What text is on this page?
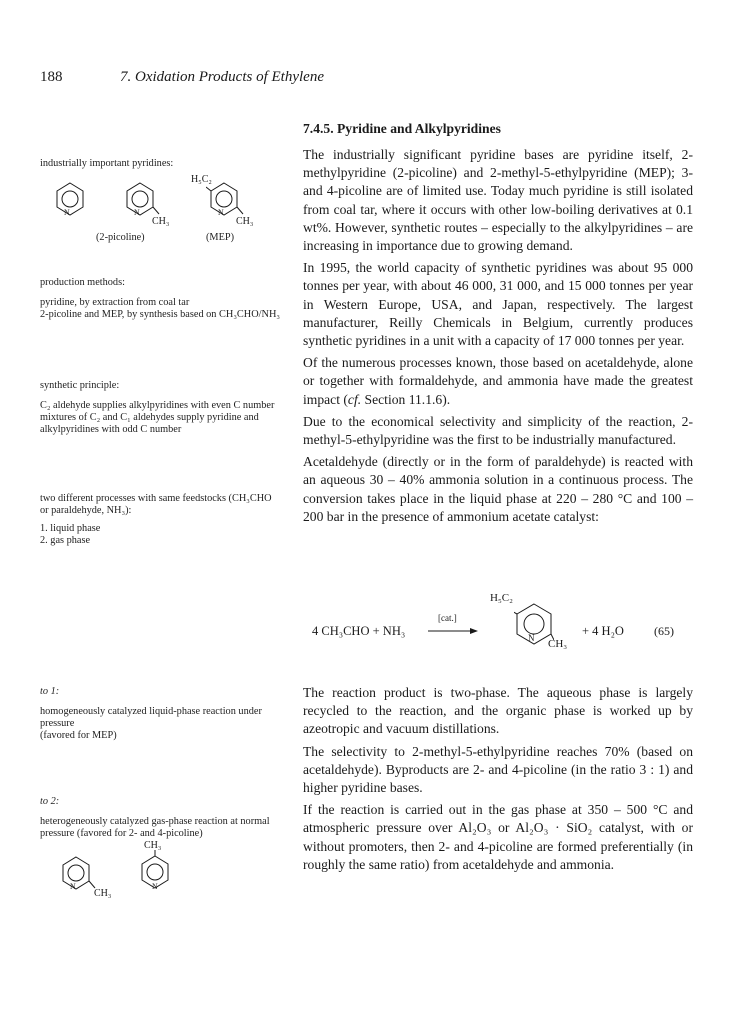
188	7. Oxidation Products of Ethylene
7.4.5. Pyridine and Alkylpyridines

The industrially significant pyridine bases are pyridine itself, 2-methylpyridine (2-picoline) and 2-methyl-5-ethylpyridine (MEP); 3- and 4-picoline are of limited use. Today much pyridine is still isolated from coal tar, where it occurs with other low-boiling derivatives at 0.1 wt%. However, synthetic routes – especially to the alkylpyridines – are increasing in importance due to growing demand.

In 1995, the world capacity of synthetic pyridines was about 95 000 tonnes per year, with about 46 000, 31 000, and 15 000 tonnes per year in Western Europe, USA, and Japan, respectively. The largest manufacturer, Reilly Chemicals in Belgium, currently produces synthetic pyridines in a unit with a capacity of 17 000 tonnes per year.

Of the numerous processes known, those based on acetaldehyde, alone or together with formaldehyde, and ammonia have made the greatest impact (cf. Section 11.1.6).

Due to the economical selectivity and simplicity of the reaction, 2-methyl-5-ethylpyridine was the first to be industrially manufactured.

Acetaldehyde (directly or in the form of paraldehyde) is reacted with an aqueous 30 – 40% ammonia solution in a continuous process. The conversion takes place in the liquid phase at 220 – 280 °C and 100 – 200 bar in the presence of ammonium acetate catalyst:

4 CH₃CHO + NH₃
[cat.]
H₅C₂
N CH₃
+ 4 H₂O	(65)

The reaction product is two-phase. The aqueous phase is largely recycled to the reaction, and the organic phase is worked up by azeotropic and vacuum distillations.

The selectivity to 2-methyl-5-ethylpyridine reaches 70% (based on acetaldehyde). Byproducts are 2- and 4-picoline (in the ratio 3 : 1) and higher pyridine bases.

If the reaction is carried out in the gas phase at 350 – 500 °C and atmospheric pressure over Al₂O₃ or Al₂O₃ · SiO₂ catalyst, with or without promoters, then 2- and 4-picoline are formed preferentially (in roughly the same ratio) from acetaldehyde and ammonia.

industrially important pyridines:
N	N
CH₃
H₅C₂
N
CH₃
(2-picoline)	(MEP)

production methods:

pyridine, by extraction from coal tar

2-picoline and MEP, by synthesis based on CH₃CHO/NH₃

synthetic principle:

C₂ aldehyde supplies alkylpyridines with even C number
mixtures of C₂ and C₁ aldehydes supply pyridine and alkylpyridines with odd C number

two different processes with same feedstocks (CH₃CHO or paraldehyde, NH₃):

1. liquid phase

2. gas phase

to 1:

homogeneously catalyzed liquid-phase reaction under pressure
(favored for MEP)

to 2:

heterogeneously catalyzed gas-phase reaction at normal pressure (favored for 2- and 4-picoline)

N
CH₃
CH₃
N
